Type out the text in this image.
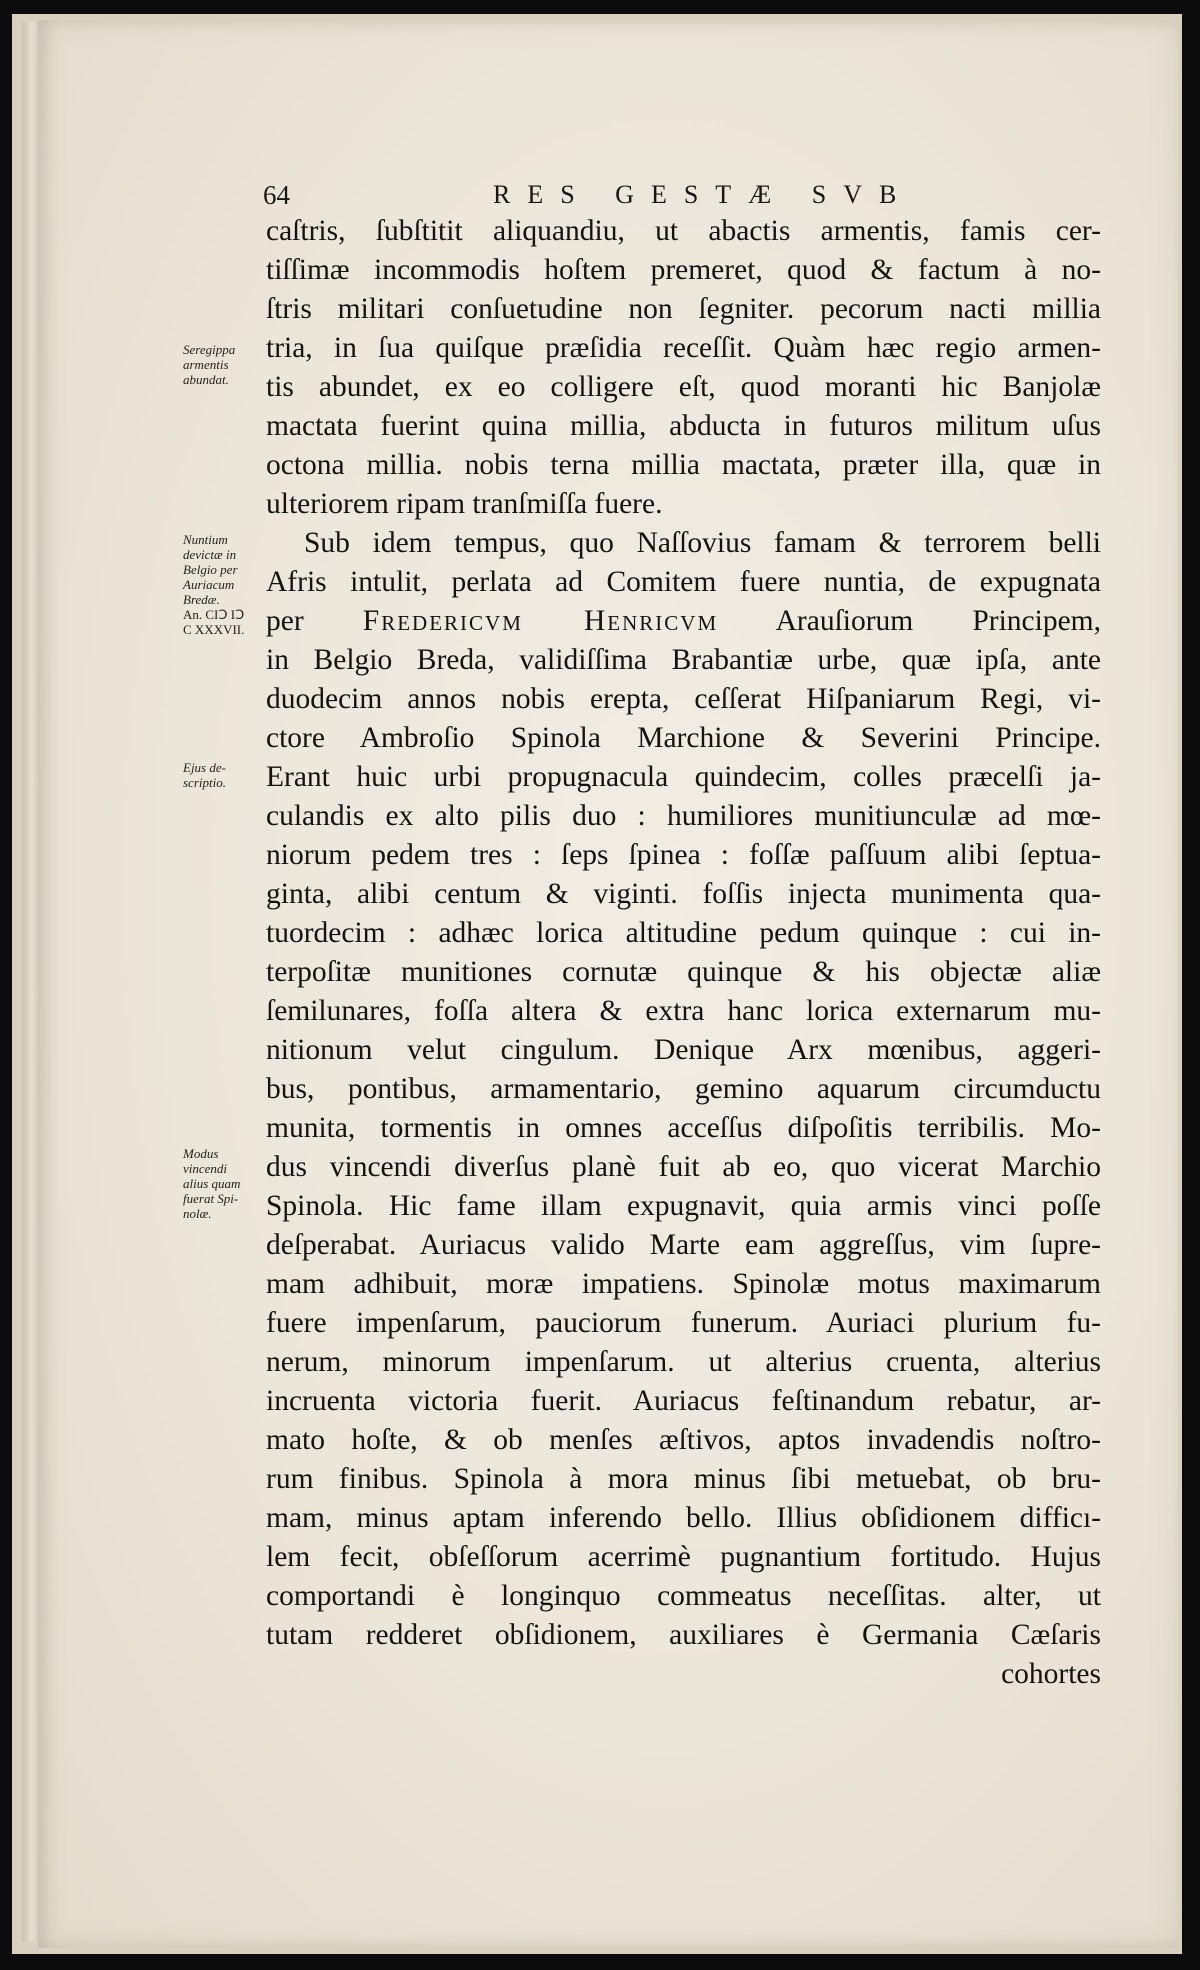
64	RES GESTÆ SVB
Seregippa
armentis
abundat.
Nuntium
devictæ in
Belgio per
Auriacum
Bredæ.
An. CIↃ IↃ
C XXXVII.
Ejus de-
scriptio.
Modus
vincendi
alius quam
fuerat Spi-
nolæ.
caſtris, ſubſtitit aliquandiu, ut abactis armentis, famis cer-
tiſſimæ incommodis hoſtem premeret, quod & factum à no-
ſtris militari conſuetudine non ſegniter. pecorum nacti millia
tria, in ſua quiſque præſidia receſſit. Quàm hæc regio armen-
tis abundet, ex eo colligere eſt, quod moranti hic Banjolæ
mactata fuerint quina millia, abducta in futuros militum uſus
octona millia. nobis terna millia mactata, præter illa, quæ in
ulteriorem ripam tranſmiſſa fuere.
Sub idem tempus, quo Naſſovius famam & terrorem belli
Afris intulit, perlata ad Comitem fuere nuntia, de expugnata
per Fredericvm Henricvm Arauſiorum Principem,
in Belgio Breda, validiſſima Brabantiæ urbe, quæ ipſa, ante
duodecim annos nobis erepta, ceſſerat Hiſpaniarum Regi, vi-
ctore Ambroſio Spinola Marchione & Severini Principe.
Erant huic urbi propugnacula quindecim, colles præcelſi ja-
culandis ex alto pilis duo : humiliores munitiunculæ ad mœ-
niorum pedem tres : ſeps ſpinea : foſſæ paſſuum alibi ſeptua-
ginta, alibi centum & viginti. foſſis injecta munimenta qua-
tuordecim : adhæc lorica altitudine pedum quinque : cui in-
terpoſitæ munitiones cornutæ quinque & his objectæ aliæ
ſemilunares, foſſa altera & extra hanc lorica externarum mu-
nitionum velut cingulum. Denique Arx mœnibus, aggeri-
bus, pontibus, armamentario, gemino aquarum circumductu
munita, tormentis in omnes acceſſus diſpoſitis terribilis. Mo-
dus vincendi diverſus planè fuit ab eo, quo vicerat Marchio
Spinola. Hic fame illam expugnavit, quia armis vinci poſſe
deſperabat. Auriacus valido Marte eam aggreſſus, vim ſupre-
mam adhibuit, moræ impatiens. Spinolæ motus maximarum
fuere impenſarum, pauciorum funerum. Auriaci plurium fu-
nerum, minorum impenſarum. ut alterius cruenta, alterius
incruenta victoria fuerit. Auriacus feſtinandum rebatur, ar-
mato hoſte, & ob menſes æſtivos, aptos invadendis noſtro-
rum finibus. Spinola à mora minus ſibi metuebat, ob bru-
mam, minus aptam inferendo bello. Illius obſidionem difficı-
lem fecit, obſeſſorum acerrimè pugnantium fortitudo. Hujus
comportandi è longinquo commeatus neceſſitas. alter, ut
tutam redderet obſidionem, auxiliares è Germania Cæſaris
cohortes
